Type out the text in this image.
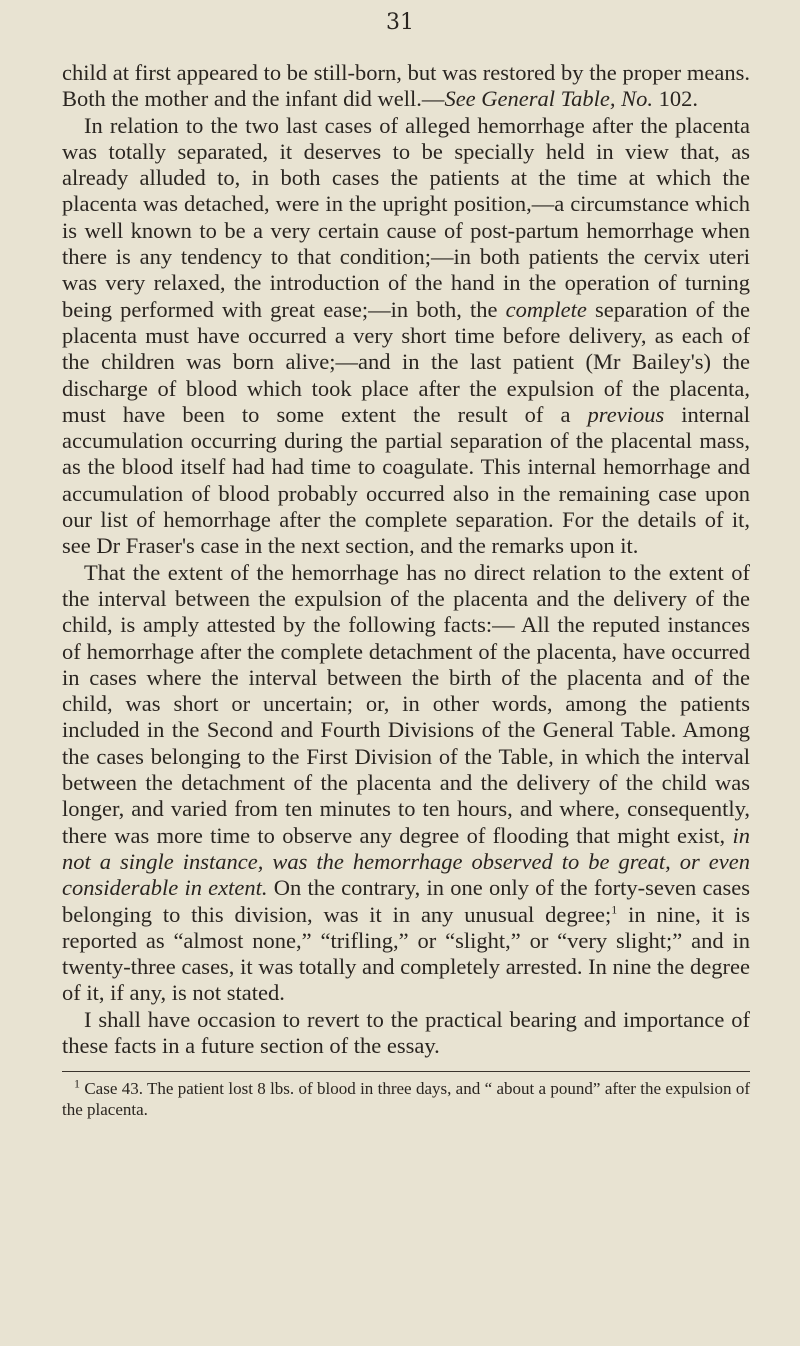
31

child at first appeared to be still-born, but was restored by the proper means. Both the mother and the infant did well.—See General Table, No. 102.

In relation to the two last cases of alleged hemorrhage after the placenta was totally separated, it deserves to be specially held in view that, as already alluded to, in both cases the patients at the time at which the placenta was detached, were in the upright position,—a circumstance which is well known to be a very certain cause of post-partum hemorrhage when there is any tendency to that condition;—in both patients the cervix uteri was very relaxed, the introduction of the hand in the operation of turning being performed with great ease;—in both, the complete separation of the placenta must have occurred a very short time before delivery, as each of the children was born alive;—and in the last patient (Mr Bailey's) the discharge of blood which took place after the expulsion of the placenta, must have been to some extent the result of a previous internal accumulation occurring during the partial separation of the placental mass, as the blood itself had had time to coagulate. This internal hemorrhage and accumulation of blood probably occurred also in the remaining case upon our list of hemorrhage after the complete separation. For the details of it, see Dr Fraser's case in the next section, and the remarks upon it.

That the extent of the hemorrhage has no direct relation to the extent of the interval between the expulsion of the placenta and the delivery of the child, is amply attested by the following facts:— All the reputed instances of hemorrhage after the complete detachment of the placenta, have occurred in cases where the interval between the birth of the placenta and of the child, was short or uncertain; or, in other words, among the patients included in the Second and Fourth Divisions of the General Table. Among the cases belonging to the First Division of the Table, in which the interval between the detachment of the placenta and the delivery of the child was longer, and varied from ten minutes to ten hours, and where, consequently, there was more time to observe any degree of flooding that might exist, in not a single instance, was the hemorrhage observed to be great, or even considerable in extent. On the contrary, in one only of the forty-seven cases belonging to this division, was it in any unusual degree;$^1$ in nine, it is reported as “almost none,” “trifling,” or “slight,” or “very slight;” and in twenty-three cases, it was totally and completely arrested. In nine the degree of it, if any, is not stated.

I shall have occasion to revert to the practical bearing and importance of these facts in a future section of the essay.

$^1$ Case 43. The patient lost 8 lbs. of blood in three days, and “ about a pound” after the expulsion of the placenta.
